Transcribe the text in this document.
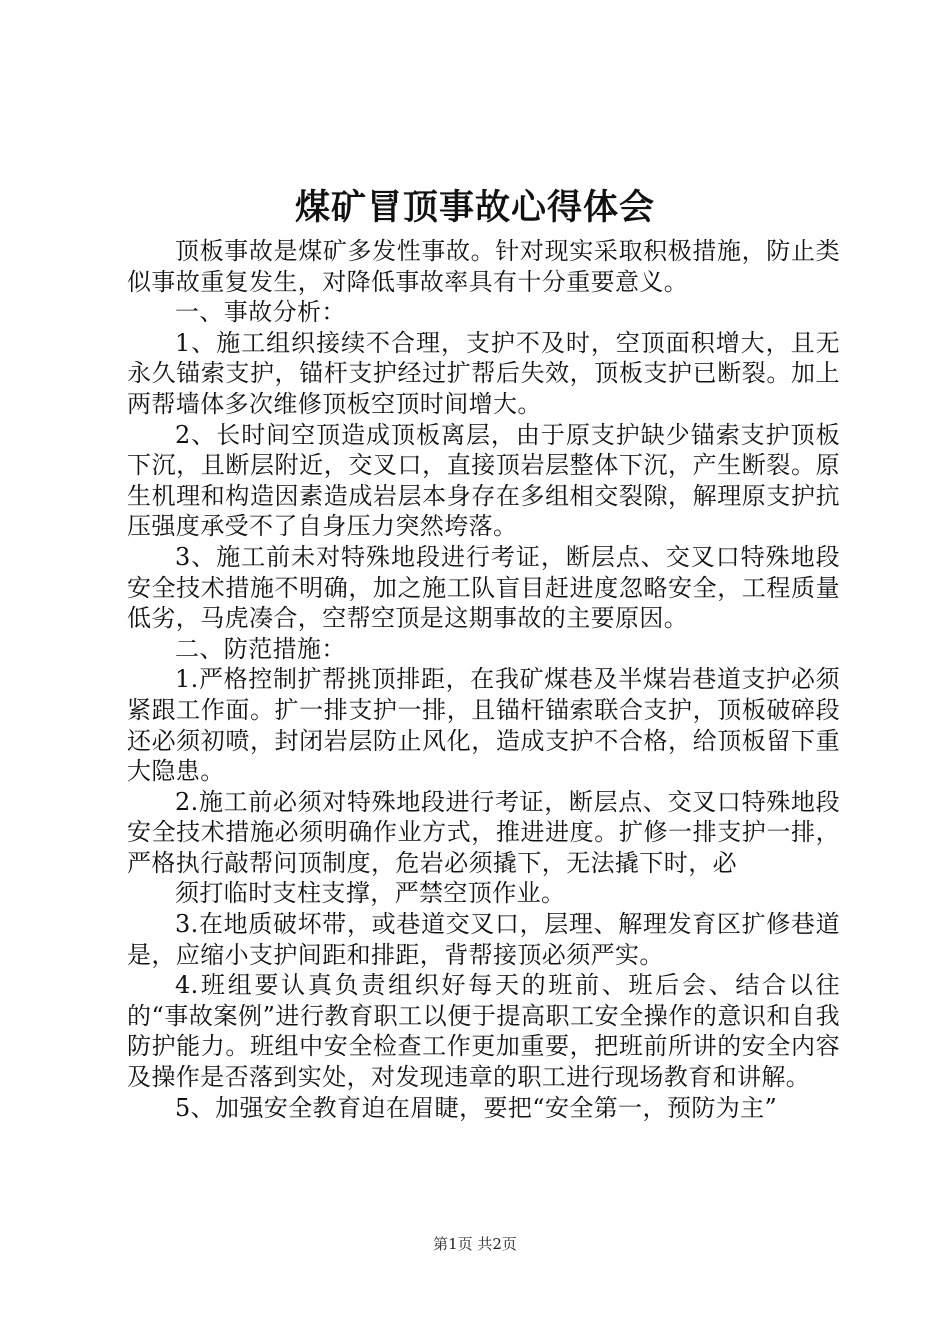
煤矿冒顶事故心得体会

顶板事故是煤矿多发性事故。针对现实采取积极措施，防止类似事故重复发生，对降低事故率具有十分重要意义。

一、事故分析：

1、施工组织接续不合理，支护不及时，空顶面积增大，且无永久锚索支护，锚杆支护经过扩帮后失效，顶板支护已断裂。加上两帮墙体多次维修顶板空顶时间增大。

2、长时间空顶造成顶板离层，由于原支护缺少锚索支护顶板下沉，且断层附近，交叉口，直接顶岩层整体下沉，产生断裂。原生机理和构造因素造成岩层本身存在多组相交裂隙，解理原支护抗压强度承受不了自身压力突然垮落。

3、施工前未对特殊地段进行考证，断层点、交叉口特殊地段安全技术措施不明确，加之施工队盲目赶进度忽略安全，工程质量低劣，马虎凑合，空帮空顶是这期事故的主要原因。

二、防范措施：

1.严格控制扩帮挑顶排距，在我矿煤巷及半煤岩巷道支护必须紧跟工作面。扩一排支护一排，且锚杆锚索联合支护，顶板破碎段还必须初喷，封闭岩层防止风化，造成支护不合格，给顶板留下重大隐患。

2.施工前必须对特殊地段进行考证，断层点、交叉口特殊地段安全技术措施必须明确作业方式，推进进度。扩修一排支护一排，严格执行敲帮问顶制度，危岩必须撬下，无法撬下时，必

须打临时支柱支撑，严禁空顶作业。

3.在地质破坏带，或巷道交叉口，层理、解理发育区扩修巷道是，应缩小支护间距和排距，背帮接顶必须严实。

4.班组要认真负责组织好每天的班前、班后会、结合以往的“事故案例”进行教育职工以便于提高职工安全操作的意识和自我防护能力。班组中安全检查工作更加重要，把班前所讲的安全内容及操作是否落到实处，对发现违章的职工进行现场教育和讲解。

5、加强安全教育迫在眉睫，要把“安全第一，预防为主”

第1页 共2页
